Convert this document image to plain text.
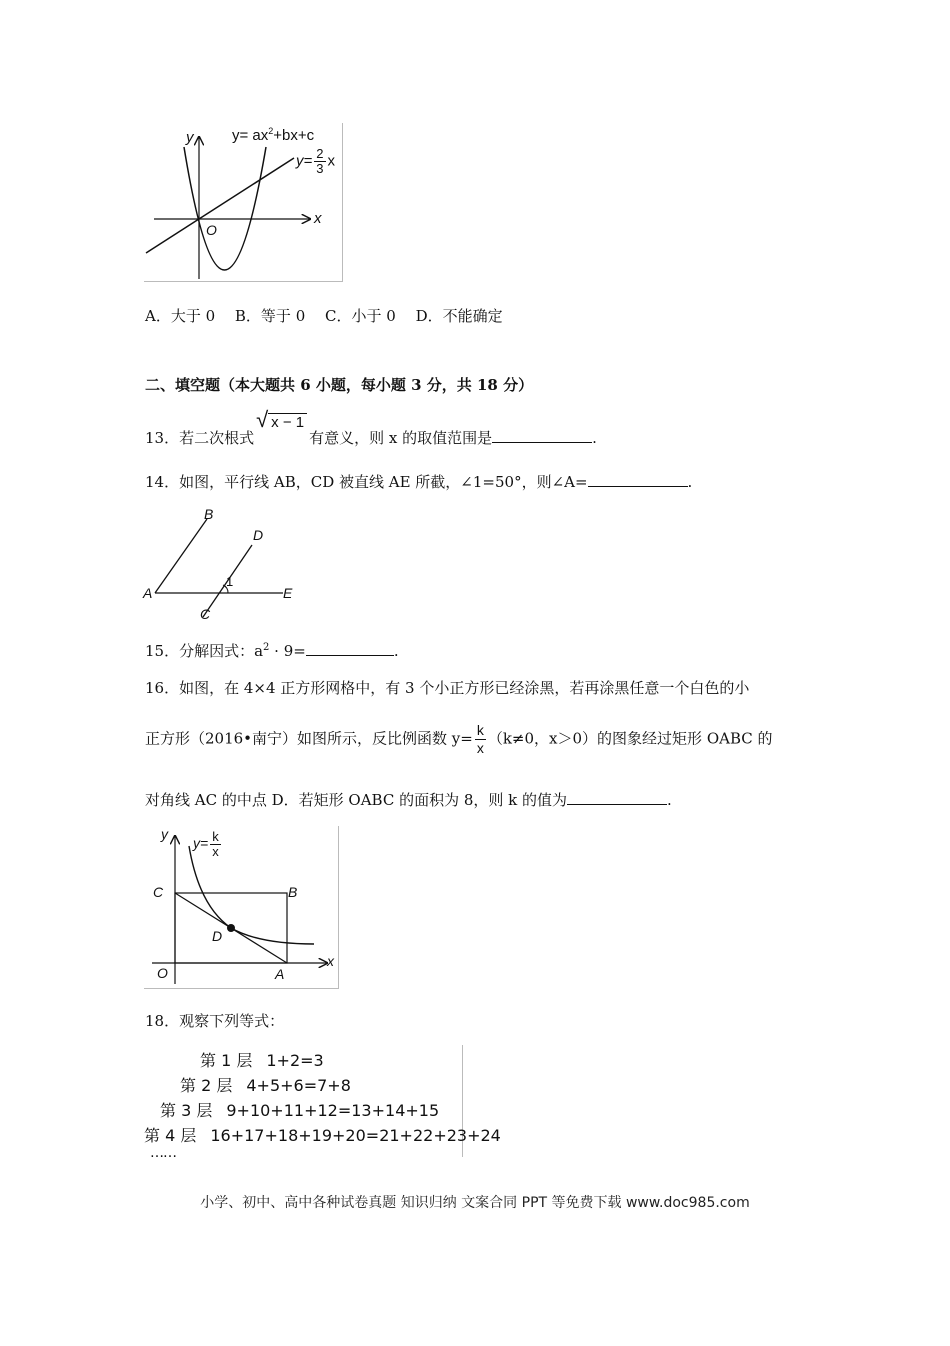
y
x
O
$y= ax^2+bx+c$
$y= \frac{2}{3}$ x
A．大于 0　 B．等于 0　 C．小于 0　 D．不能确定
二、填空题（本大题共 6 小题，每小题 3 分，共 18 分）
13．若二次根式√ x − 1有意义，则 x 的取值范围是	.
14．如图，平行线 AB，CD 被直线 AE 所截，∠1=50°，则∠A=	.
A
B
C
D
E
1
15．分解因式：$a^2 \cdot 9=$	.
16．如图，在 4×4 正方形网格中，有 3 个小正方形已经涂黑，若再涂黑任意一个白色的小
正方形（2016•南宁）如图所示，反比例函数 $y= \frac{k}{x} (k\ne 0$，x＞0）的图象经过矩形 OABC 的
对角线 AC 的中点 D．若矩形 OABC 的面积为 8，则 k 的值为	.
y
$y= \frac{k}{x}$
C	B
D
O	A
x
18．观察下列等式：
第 1 层 1+2=3
第 2 层 4+5+6=7+8
第 3 层 9+10+11+12=13+14+15
第 4 层 16+17+18+19+20=21+22+23+24
……
小学、初中、高中各种试卷真题 知识归纳 文案合同 PPT 等免费下载 www.doc985.com
